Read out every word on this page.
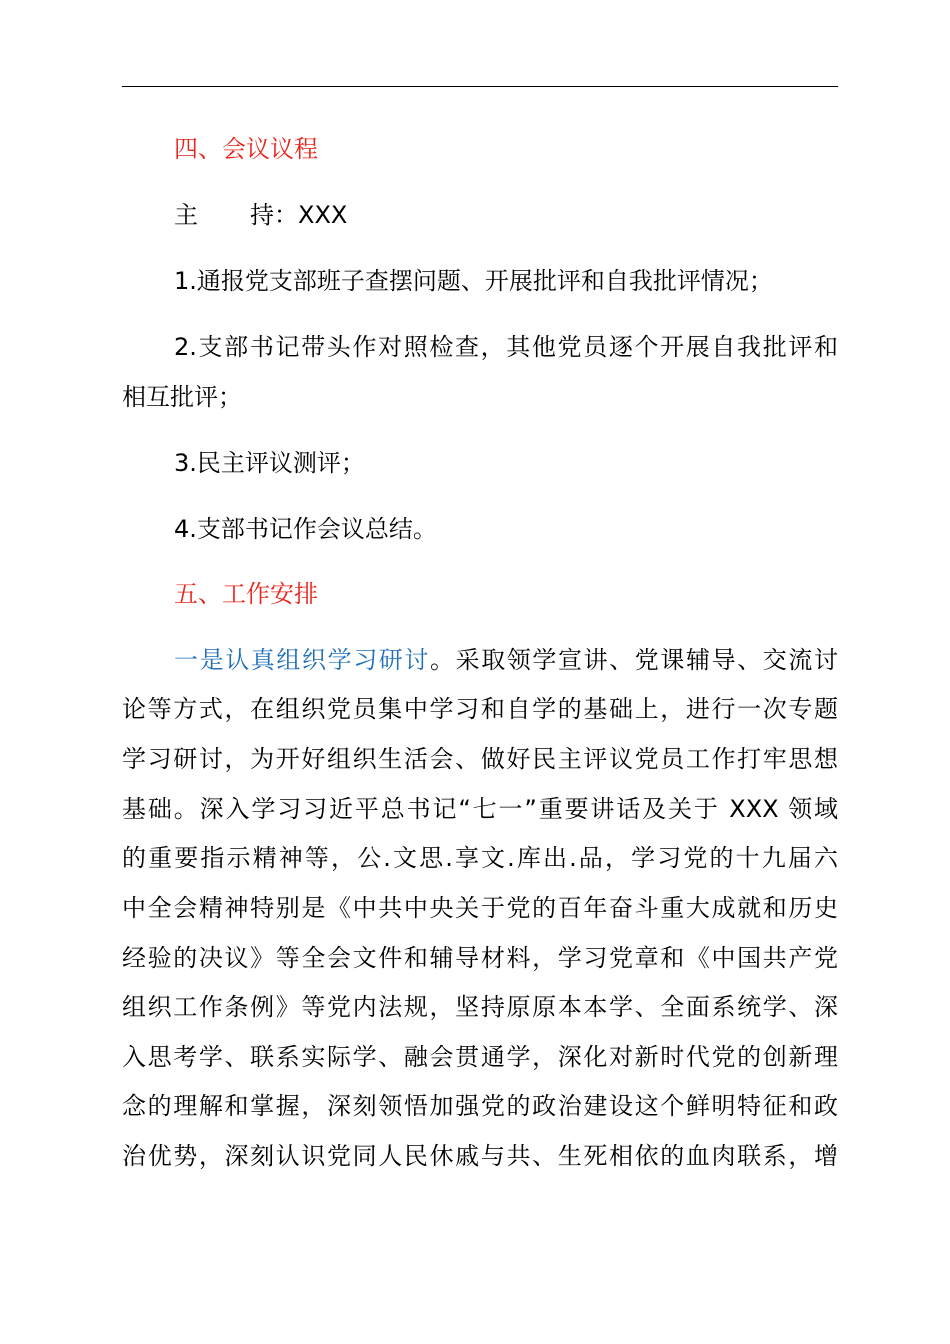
四、会议议程
主 持：XXX
1.通报党支部班子查摆问题、开展批评和自我批评情况；
2.支部书记带头作对照检查，其他党员逐个开展自我批评和
相互批评；
3.民主评议测评；
4.支部书记作会议总结。
五、工作安排
一是认真组织学习研讨。采取领学宣讲、党课辅导、交流讨
论等方式，在组织党员集中学习和自学的基础上，进行一次专题
学习研讨，为开好组织生活会、做好民主评议党员工作打牢思想
基础。深入学习习近平总书记“七一”重要讲话及关于 XXX 领域
的重要指示精神等，公.文思.享文.库出.品，学习党的十九届六
中全会精神特别是《中共中央关于党的百年奋斗重大成就和历史
经验的决议》等全会文件和辅导材料，学习党章和《中国共产党
组织工作条例》等党内法规，坚持原原本本学、全面系统学、深
入思考学、联系实际学、融会贯通学，深化对新时代党的创新理
念的理解和掌握，深刻领悟加强党的政治建设这个鲜明特征和政
治优势，深刻认识党同人民休戚与共、生死相依的血肉联系，增
